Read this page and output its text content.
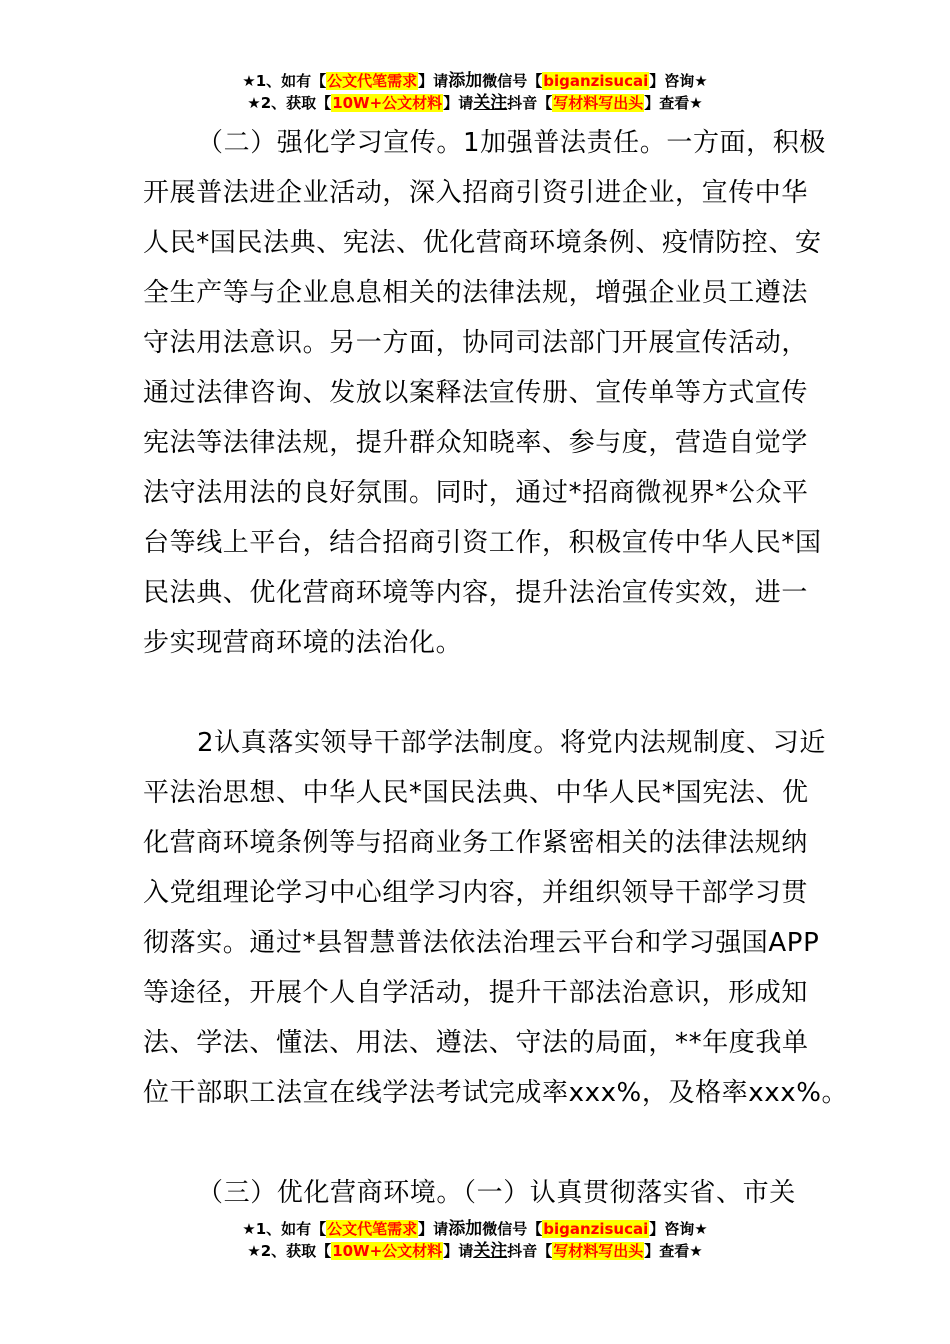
★1、如有【公文代笔需求】请添加微信号【biganzisucai】咨询★
★2、获取【10W+公文材料】请关注抖音【写材料写出头】查看★
（二）强化学习宣传。1加强普法责任。一方面，积极
开展普法进企业活动，深入招商引资引进企业，宣传中华
人民*国民法典、宪法、优化营商环境条例、疫情防控、安
全生产等与企业息息相关的法律法规，增强企业员工遵法
守法用法意识。另一方面，协同司法部门开展宣传活动，
通过法律咨询、发放以案释法宣传册、宣传单等方式宣传
宪法等法律法规，提升群众知晓率、参与度，营造自觉学
法守法用法的良好氛围。同时，通过*招商微视界*公众平
台等线上平台，结合招商引资工作，积极宣传中华人民*国
民法典、优化营商环境等内容，提升法治宣传实效，进一
步实现营商环境的法治化。
2认真落实领导干部学法制度。将党内法规制度、习近
平法治思想、中华人民*国民法典、中华人民*国宪法、优
化营商环境条例等与招商业务工作紧密相关的法律法规纳
入党组理论学习中心组学习内容，并组织领导干部学习贯
彻落实。通过*县智慧普法依法治理云平台和学习强国APP
等途径，开展个人自学活动，提升干部法治意识，形成知
法、学法、懂法、用法、遵法、守法的局面，**年度我单
位干部职工法宣在线学法考试完成率xxx%，及格率xxx%。
（三）优化营商环境。（一）认真贯彻落实省、市关
★1、如有【公文代笔需求】请添加微信号【biganzisucai】咨询★
★2、获取【10W+公文材料】请关注抖音【写材料写出头】查看★
